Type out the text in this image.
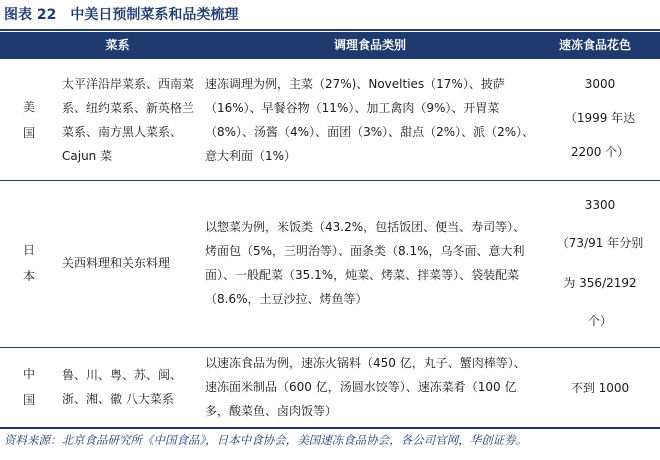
图表 22 中美日预制菜系和品类梳理
菜系	调理食品类别	速冻食品花色
美
国
太平洋沿岸菜系、西南菜系、纽约菜系、新英格兰菜系、南方黑人菜系、Cajun 菜
速冻调理为例，主菜（27%)、Novelties（17%）、披萨（16%）、早餐谷物（11%）、加工禽肉（9%）、开胃菜（8%）、汤酱（4%）、面团（3%）、甜点（2%）、派（2%）、意大利面（1%）
3000
（1999 年达
2200 个）
日
本
关西料理和关东料理
以惣菜为例，米饭类（43.2%，包括饭团、便当、寿司等）、烤面包（5%，三明治等）、面条类（8.1%，乌冬面、意大利面）、一般配菜（35.1%，炖菜、烤菜、拌菜等）、袋装配菜（8.6%，土豆沙拉、烤鱼等）
3300
（73/91 年分别
为 356/2192
个）
中
国
鲁、川、粤、苏、闽、浙、湘、徽 八大菜系
以速冻食品为例，速冻火锅料（450 亿，丸子、蟹肉棒等）、速冻面米制品（600 亿，汤圆水饺等）、速冻菜肴（100 亿多，酸菜鱼、卤肉饭等）
不到 1000
资料来源：北京食品研究所《中国食品》，日本中食协会，美国速冻食品协会，各公司官网，华创证券。
